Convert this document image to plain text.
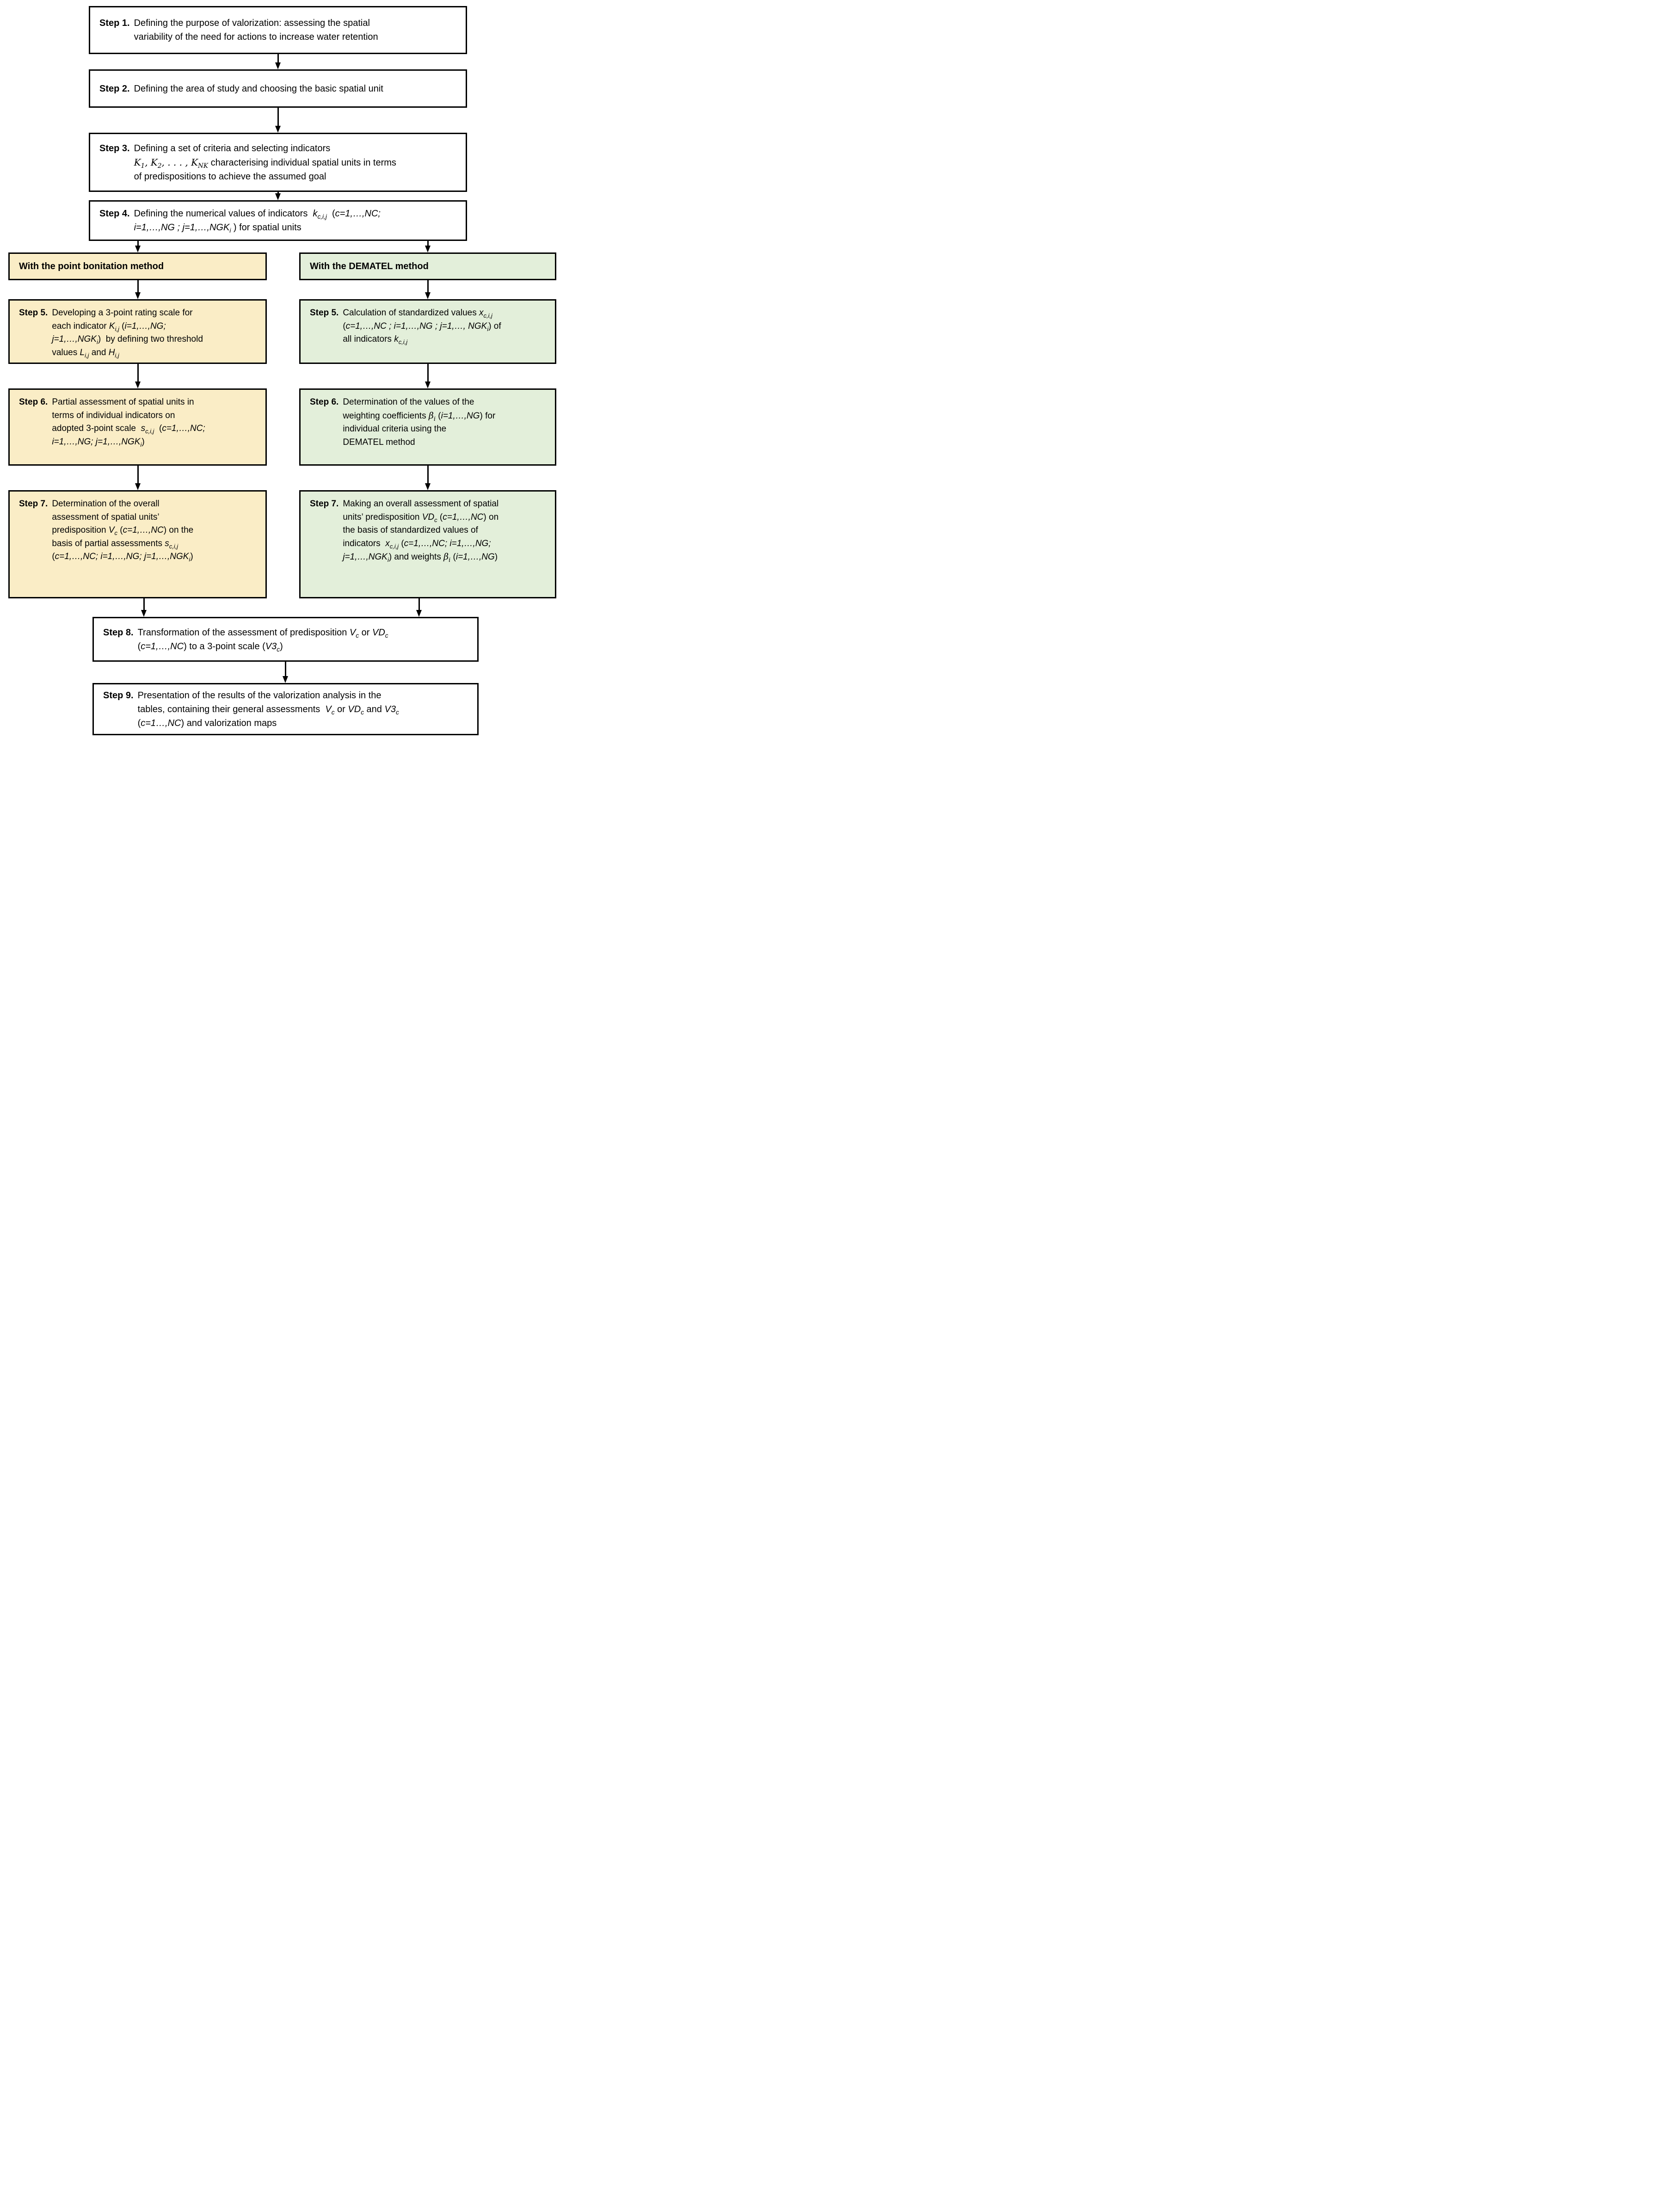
Step 1. Defining the purpose of valorization: assessing the spatial
variability of the need for actions to increase water retention
Step 2. Defining the area of study and choosing the basic spatial unit
Step 3. Defining a set of criteria and selecting indicators
$K_1$, $K_2$, . . . , $K_{NK}$ characterising individual spatial units in terms
of predispositions to achieve the assumed goal
Step 4. Defining the numerical values of indicators  $k_{c,i,j}$  (c=1,…,NC;
i=1,…,NG ; $j=1,\dots,NGK_i$ ) for spatial units
With the point bonitation method	With the DEMATEL method
Step 5. Developing a 3-point rating scale for
each indicator $K_{i,j}$ (i=1,…,NG;
$j=1,\dots,NGK_i$)  by defining two threshold
values $L_{i,j}$ and $H_{i,j}$
Step 5. Calculation of standardized values $x_{c,i,j}$
(c=1,…,NC ; i=1,…,NG ; j=1,…, $NGK_i$) of
all indicators $k_{c,i,j}$
Step 6. Partial assessment of spatial units in
terms of individual indicators on
adopted 3-point scale  $s_{c,i,j}$  (c=1,…,NC;
i=1,…,NG; $j=1,\dots,NGK_i$)
Step 6. Determination of the values of the
weighting coefficients $\beta_i$ (i=1,…,NG) for
individual criteria using the
DEMATEL method
Step 7. Determination of the overall
assessment of spatial units’
predisposition $V_c$ (c=1,…,NC) on the
basis of partial assessments $s_{c,i,j}$
(c=1,…,NC; i=1,…,NG; $j=1,\dots,NGK_i$)
Step 7. Making an overall assessment of spatial
units’ predisposition $VD_c$ (c=1,…,NC) on
the basis of standardized values of
indicators  $x_{c,i,j}$ (c=1,…,NC; i=1,…,NG;
$j=1,\dots,NGK_i$) and weights $\beta_i$ (i=1,…,NG)
Step 8. Transformation of the assessment of predisposition $V_c$ or $VD_c$
(c=1,…,NC) to a 3-point scale $(V3_c)$
Step 9. Presentation of the results of the valorization analysis in the
tables, containing their general assessments  $V_c$ or $VD_c$ and $V3_c$
(c=1…,NC) and valorization maps
